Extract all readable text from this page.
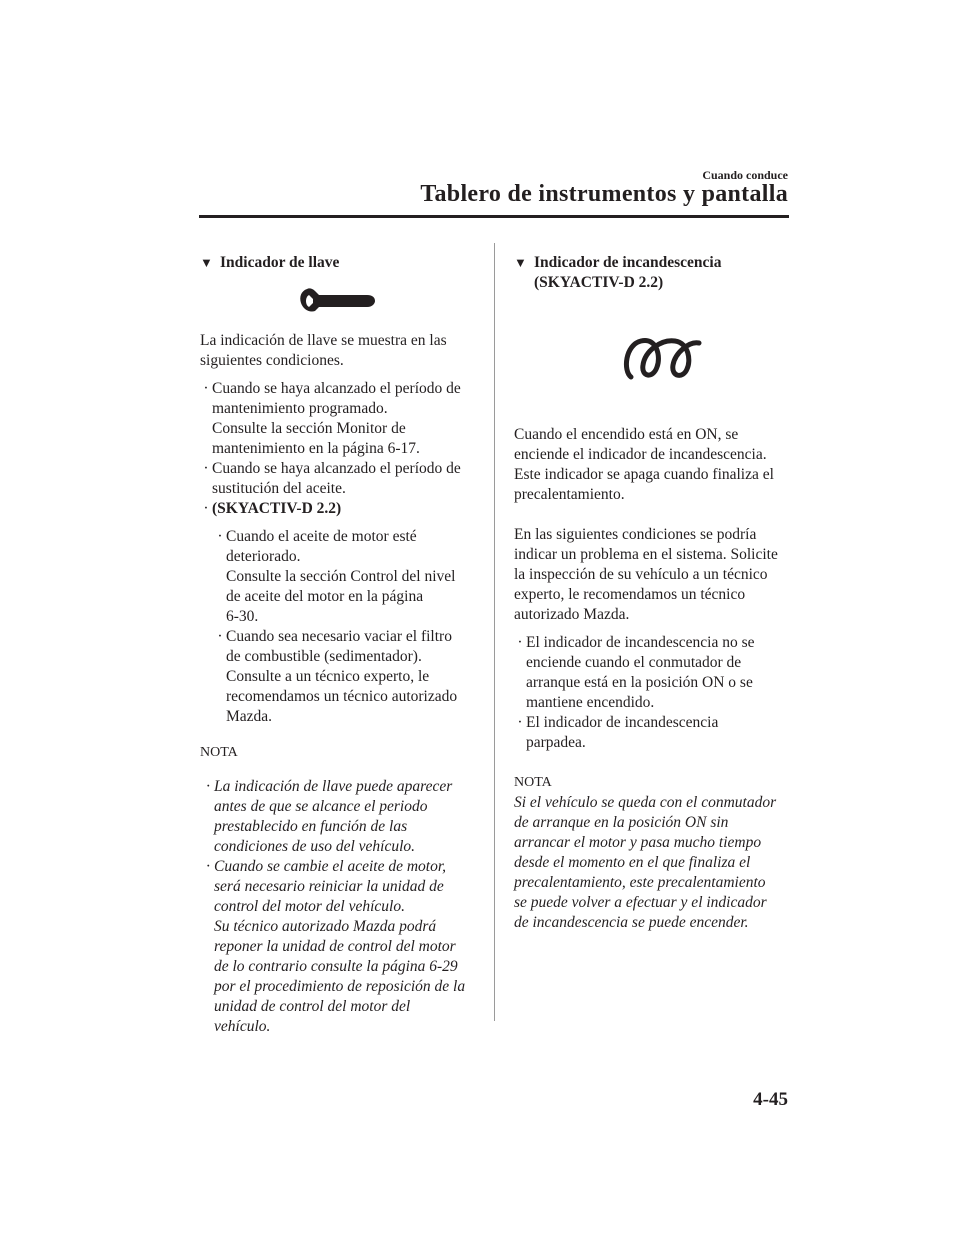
Cuando conduce
Tablero de instrumentos y pantalla
▼ Indicador de llave
La indicación de llave se muestra en las
siguientes condiciones.
· Cuando se haya alcanzado el período de
mantenimiento programado.
Consulte la sección Monitor de
mantenimiento en la página 6-17.
· Cuando se haya alcanzado el período de
sustitución del aceite.
· (SKYACTIV-D 2.2)
· Cuando el aceite de motor esté
deteriorado.
Consulte la sección Control del nivel
de aceite del motor en la página
6-30.
· Cuando sea necesario vaciar el filtro
de combustible (sedimentador).
Consulte a un técnico experto, le
recomendamos un técnico autorizado
Mazda.
NOTA
· La indicación de llave puede aparecer
antes de que se alcance el periodo
prestablecido en función de las
condiciones de uso del vehículo.
· Cuando se cambie el aceite de motor,
será necesario reiniciar la unidad de
control del motor del vehículo.
Su técnico autorizado Mazda podrá
reponer la unidad de control del motor
de lo contrario consulte la página 6-29
por el procedimiento de reposición de la
unidad de control del motor del
vehículo.
▼ Indicador de incandescencia
(SKYACTIV-D 2.2)
Cuando el encendido está en ON, se
enciende el indicador de incandescencia.
Este indicador se apaga cuando finaliza el
precalentamiento.
En las siguientes condiciones se podría
indicar un problema en el sistema. Solicite
la inspección de su vehículo a un técnico
experto, le recomendamos un técnico
autorizado Mazda.
· El indicador de incandescencia no se
enciende cuando el conmutador de
arranque está en la posición ON o se
mantiene encendido.
· El indicador de incandescencia
parpadea.
NOTA
Si el vehículo se queda con el conmutador
de arranque en la posición ON sin
arrancar el motor y pasa mucho tiempo
desde el momento en el que finaliza el
precalentamiento, este precalentamiento
se puede volver a efectuar y el indicador
de incandescencia se puede encender.
4-45
